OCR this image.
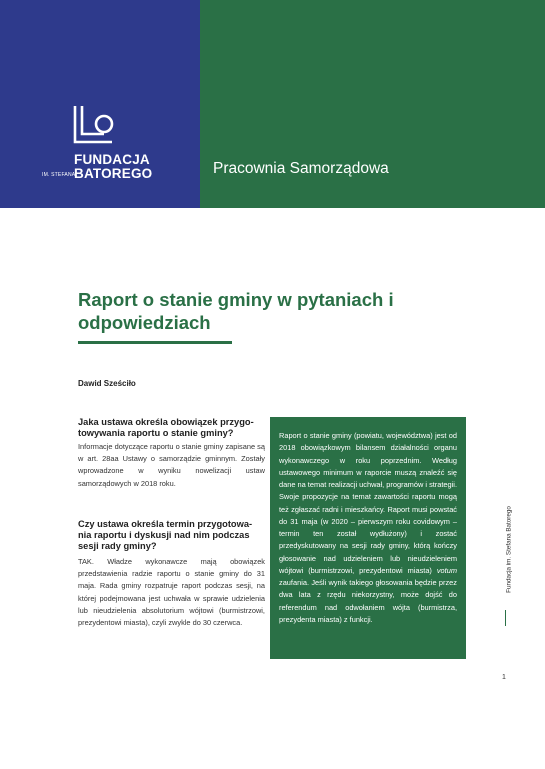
FUNDACJA
IM. STEFANA
BATOREGO	Pracownia Samorządowa
Raport o stanie gminy w pytaniach i odpowiedziach
Dawid Sześciło

Jaka ustawa określa obowiązek przygo-towywania raportu o stanie gminy?

Informacje dotyczące raportu o stanie gminy zapisane są w art. 28aa Ustawy o samorządzie gminnym. Zostały wprowadzone w wyniku nowelizacji ustaw samorządowych w 2018 roku.

Czy ustawa określa termin przygotowa-nia raportu i dyskusji nad nim podczas sesji rady gminy?

TAK. Władze wykonawcze mają obowiązek przedstawienia radzie raportu o stanie gminy do 31 maja. Rada gminy rozpatruje raport podczas sesji, na której podejmowana jest uchwała w sprawie udzielenia lub nieudzielenia absolutorium wójtowi (burmistrzowi, prezydentowi miasta), czyli zwykle do 30 czerwca.

Raport o stanie gminy (powiatu, województwa) jest od 2018 obowiązkowym bilansem działalności organu wykonawczego w roku poprzednim. Według ustawowego minimum w raporcie muszą znaleźć się dane na temat realizacji uchwał, programów i strategii. Swoje propozycje na temat zawartości raportu mogą też zgłaszać radni i mieszkańcy. Raport musi powstać do 31 maja (w 2020 – pierwszym roku covidowym – termin ten został wydłużony) i zostać przedyskutowany na sesji rady gminy, którą kończy głosowanie nad udzieleniem lub nieudzieleniem wójtowi (burmistrzowi, prezydentowi miasta) votum zaufania. Jeśli wynik takiego głosowania będzie przez dwa lata z rzędu niekorzystny, może dojść do referendum nad odwołaniem wójta (burmistrza, prezydenta miasta) z funkcji.

Fundacja im. Stefana Batorego
1
